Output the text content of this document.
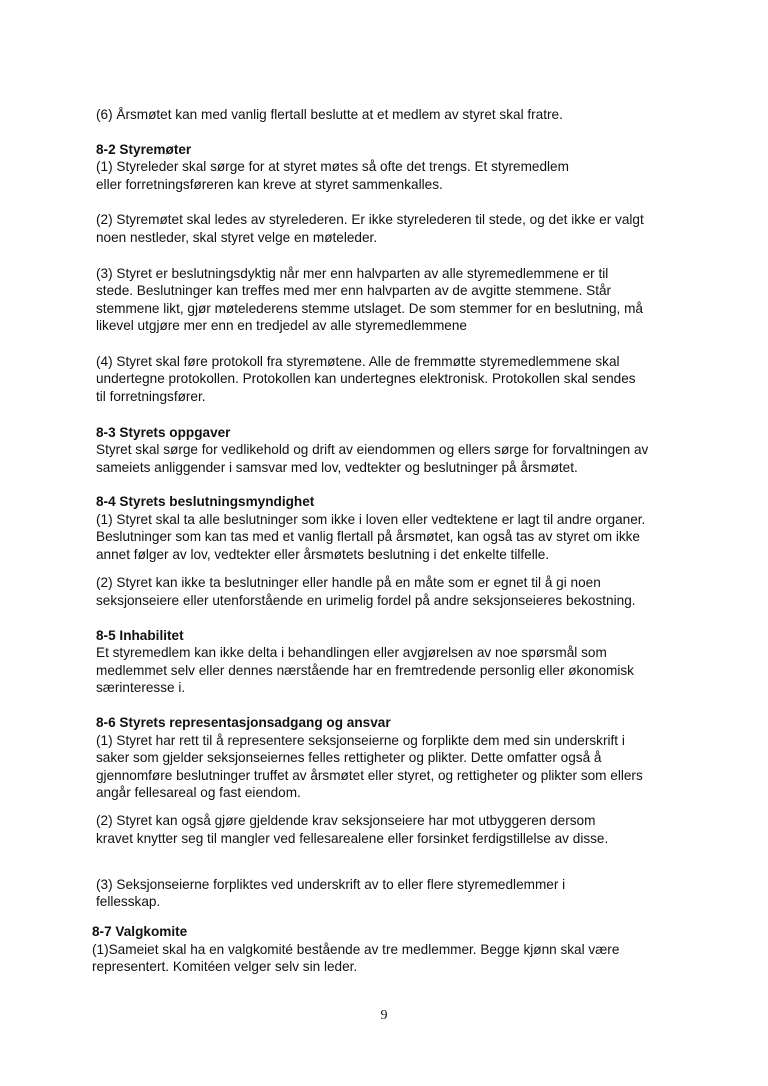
(6) Årsmøtet kan med vanlig flertall beslutte at et medlem av styret skal fratre.
8-2 Styremøter
(1) Styreleder skal sørge for at styret møtes så ofte det trengs. Et styremedlem
eller forretningsføreren kan kreve at styret sammenkalles.
(2) Styremøtet skal ledes av styrelederen. Er ikke styrelederen til stede, og det ikke er valgt
noen nestleder, skal styret velge en møteleder.
(3) Styret er beslutningsdyktig når mer enn halvparten av alle styremedlemmene er til
stede. Beslutninger kan treffes med mer enn halvparten av de avgitte stemmene. Står
stemmene likt, gjør møtelederens stemme utslaget. De som stemmer for en beslutning, må
likevel utgjøre mer enn en tredjedel av alle styremedlemmene
(4) Styret skal føre protokoll fra styremøtene. Alle de fremmøtte styremedlemmene skal
undertegne protokollen. Protokollen kan undertegnes elektronisk. Protokollen skal sendes
til forretningsfører.
8-3 Styrets oppgaver
Styret skal sørge for vedlikehold og drift av eiendommen og ellers sørge for forvaltningen av
sameiets anliggender i samsvar med lov, vedtekter og beslutninger på årsmøtet.
8-4 Styrets beslutningsmyndighet
(1) Styret skal ta alle beslutninger som ikke i loven eller vedtektene er lagt til andre organer.
Beslutninger som kan tas med et vanlig flertall på årsmøtet, kan også tas av styret om ikke
annet følger av lov, vedtekter eller årsmøtets beslutning i det enkelte tilfelle.
(2) Styret kan ikke ta beslutninger eller handle på en måte som er egnet til å gi noen
seksjonseiere eller utenforstående en urimelig fordel på andre seksjonseieres bekostning.
8-5 Inhabilitet
Et styremedlem kan ikke delta i behandlingen eller avgjørelsen av noe spørsmål som
medlemmet selv eller dennes nærstående har en fremtredende personlig eller økonomisk
særinteresse i.
8-6 Styrets representasjonsadgang og ansvar
(1) Styret har rett til å representere seksjonseierne og forplikte dem med sin underskrift i
saker som gjelder seksjonseiernes felles rettigheter og plikter. Dette omfatter også å
gjennomføre beslutninger truffet av årsmøtet eller styret, og rettigheter og plikter som ellers
angår fellesareal og fast eiendom.
(2) Styret kan også gjøre gjeldende krav seksjonseiere har mot utbyggeren dersom
kravet knytter seg til mangler ved fellesarealene eller forsinket ferdigstillelse av disse.
(3) Seksjonseierne forpliktes ved underskrift av to eller flere styremedlemmer i
fellesskap.
8-7 Valgkomite
(1)Sameiet skal ha en valgkomité bestående av tre medlemmer. Begge kjønn skal være
representert. Komitéen velger selv sin leder.
9
